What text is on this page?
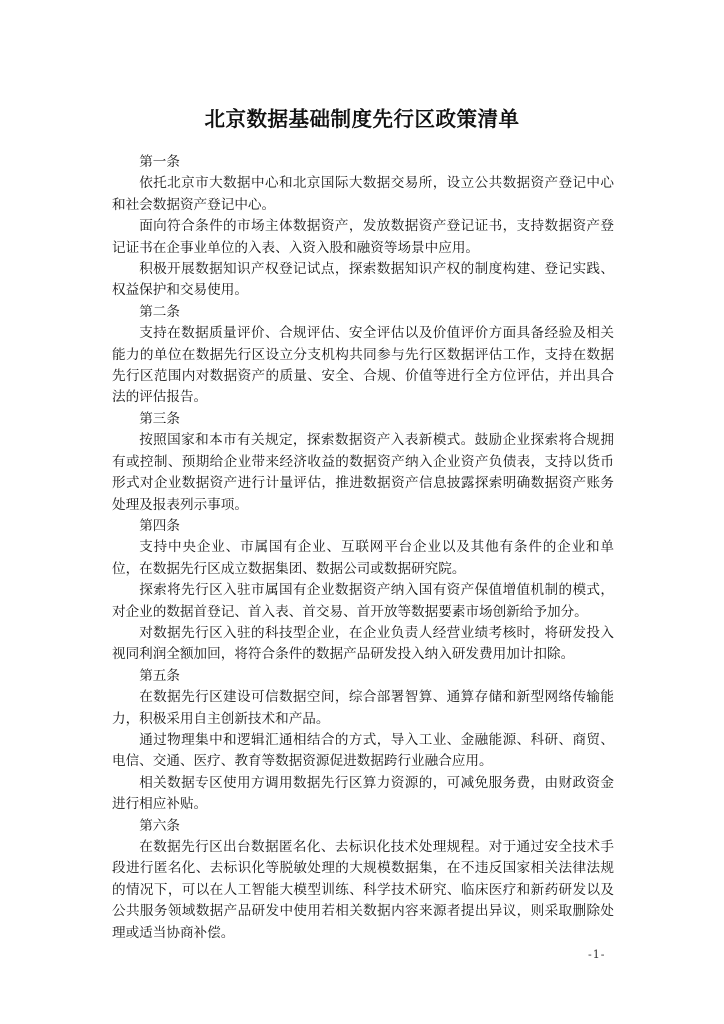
北京数据基础制度先行区政策清单

第一条

依托北京市大数据中心和北京国际大数据交易所，设立公共数据资产登记中心和社会数据资产登记中心。

面向符合条件的市场主体数据资产，发放数据资产登记证书，支持数据资产登记证书在企事业单位的入表、入资入股和融资等场景中应用。

积极开展数据知识产权登记试点，探索数据知识产权的制度构建、登记实践、权益保护和交易使用。

第二条

支持在数据质量评价、合规评估、安全评估以及价值评价方面具备经验及相关能力的单位在数据先行区设立分支机构共同参与先行区数据评估工作，支持在数据先行区范围内对数据资产的质量、安全、合规、价值等进行全方位评估，并出具合法的评估报告。

第三条

按照国家和本市有关规定，探索数据资产入表新模式。鼓励企业探索将合规拥有或控制、预期给企业带来经济收益的数据资产纳入企业资产负债表，支持以货币形式对企业数据资产进行计量评估，推进数据资产信息披露探索明确数据资产账务处理及报表列示事项。

第四条

支持中央企业、市属国有企业、互联网平台企业以及其他有条件的企业和单位，在数据先行区成立数据集团、数据公司或数据研究院。

探索将先行区入驻市属国有企业数据资产纳入国有资产保值增值机制的模式，对企业的数据首登记、首入表、首交易、首开放等数据要素市场创新给予加分。

对数据先行区入驻的科技型企业，在企业负责人经营业绩考核时，将研发投入视同利润全额加回，将符合条件的数据产品研发投入纳入研发费用加计扣除。

第五条

在数据先行区建设可信数据空间，综合部署智算、通算存储和新型网络传输能力，积极采用自主创新技术和产品。

通过物理集中和逻辑汇通相结合的方式，导入工业、金融能源、科研、商贸、电信、交通、医疗、教育等数据资源促进数据跨行业融合应用。

相关数据专区使用方调用数据先行区算力资源的，可减免服务费，由财政资金进行相应补贴。

第六条

在数据先行区出台数据匿名化、去标识化技术处理规程。对于通过安全技术手段进行匿名化、去标识化等脱敏处理的大规模数据集，在不违反国家相关法律法规的情况下，可以在人工智能大模型训练、科学技术研究、临床医疗和新药研发以及公共服务领域数据产品研发中使用若相关数据内容来源者提出异议，则采取删除处理或适当协商补偿。

-1-
